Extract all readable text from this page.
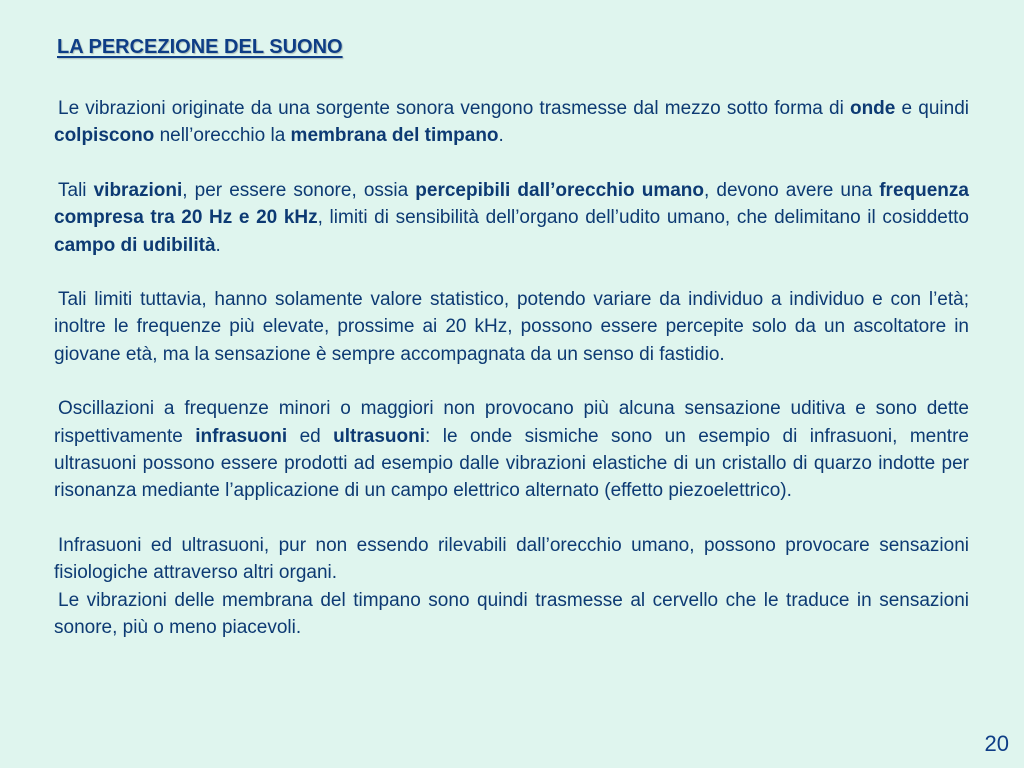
LA PERCEZIONE DEL SUONO

Le vibrazioni originate da una sorgente sonora vengono trasmesse dal mezzo sotto forma di onde e quindi colpiscono nell’orecchio la membrana del timpano.

Tali vibrazioni, per essere sonore, ossia percepibili dall’orecchio umano, devono avere una frequenza compresa tra 20 Hz e 20 kHz, limiti di sensibilità dell’organo dell’udito umano, che delimitano il cosiddetto campo di udibilità.

Tali limiti tuttavia, hanno solamente valore statistico, potendo variare da individuo a individuo e con l’età; inoltre le frequenze più elevate, prossime ai 20 kHz, possono essere percepite solo da un ascoltatore in giovane età, ma la sensazione è sempre accompagnata da un senso di fastidio.

Oscillazioni a frequenze minori o maggiori non provocano più alcuna sensazione uditiva e sono dette rispettivamente infrasuoni ed ultrasuoni: le onde sismiche sono un esempio di infrasuoni, mentre ultrasuoni possono essere prodotti ad esempio dalle vibrazioni elastiche di un cristallo di quarzo indotte per risonanza mediante l’applicazione di un campo elettrico alternato (effetto piezoelettrico).

Infrasuoni ed ultrasuoni, pur non essendo rilevabili dall’orecchio umano, possono provocare sensazioni fisiologiche attraverso altri organi.

Le vibrazioni delle membrana del timpano sono quindi trasmesse al cervello che le traduce in sensazioni sonore, più o meno piacevoli.

20
